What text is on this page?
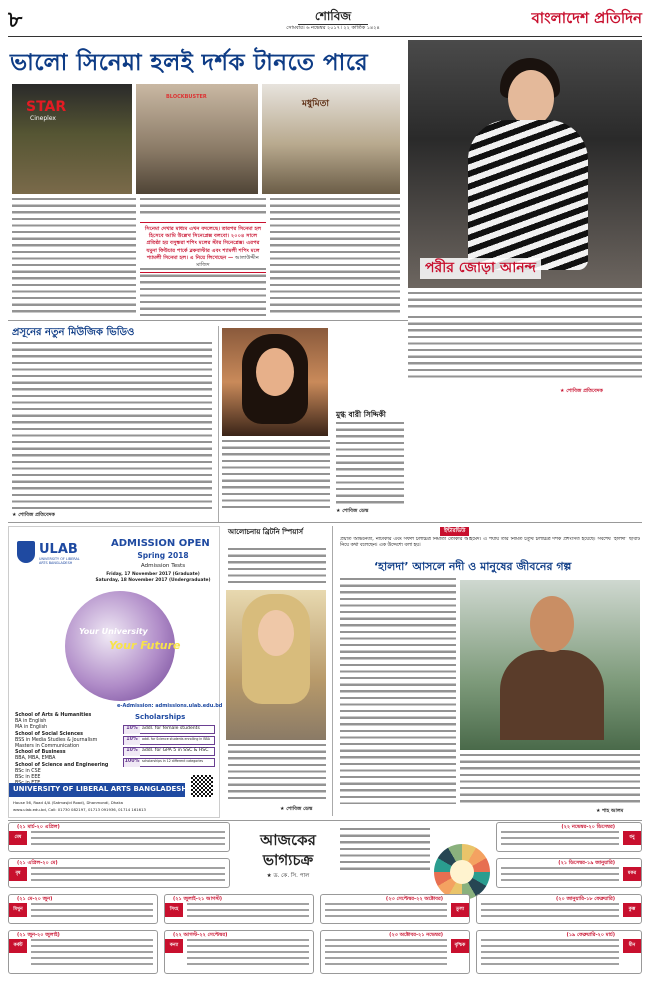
৮	শোবিজ
সোমবার। ৬ নভেম্বর ২০১৭। ২২ কার্তিক ১৪২৪
বাংলাদেশ প্রতিদিন
ভালো সিনেমা হলই দর্শক টানতে পারে
STAR
Cineplex
BLOCKBUSTER
মধুমিতা
সিনেমা দেখার মাধ্যম এখন বদলেছে। তারপর সিনেমা হল হিসেবে আমি উল্লেখ সিনেপ্লেক্স বলবো। ২০০৪ সালে প্রতিষ্ঠা হয় বসুন্ধরা শপিং মলের স্টার সিনেপ্লেক্স। এরপর যমুনা ফিউচার পার্কে ব্লকবাস্টার এবং শ্যামলী শপিং মলে শ্যামলী সিনেমা হল। এ নিয়ে লিখেছেন — আলাউদ্দীন মাজিদ	পরীর জোড়া আনন্দ
★ শোবিজ প্রতিবেদক
প্রসূনের নতুন মিউজিক ভিডিও
★ শোবিজ প্রতিবেদক
মুগ্ধ বারী সিদ্দিকী
★ শোবিজ ডেস্ক
ULAB
UNIVERSITY OF LIBERAL ARTS BANGLADESH
ADMISSION OPEN
Spring 2018
Admission Tests
Friday, 17 November 2017 (Graduate)
Saturday, 18 November 2017 (Undergraduate)
Your University
Your Future
e-Admission: admissions.ulab.edu.bd
School of Arts & Humanities
BA in English
MA in English
School of Social Sciences
BSS in Media Studies & Journalism
Masters in Communication
School of Business
BBA, MBA, EMBA
School of Science and Engineering
BSc in CSE
BSc in EEE
Scholarships
10% addl. for female students
10%	addl. for Science students enrolling in BBA
10% addl. for GPA 5 in SSC & HSC
100% scholarships in 12 different categories
UNIVERSITY OF LIBERAL ARTS BANGLADESH
House 56, Road 4/A (Satmasjid Road), Dhanmondi, Dhaka
www.ulab.edu.bd, Call: 01730 082197, 01713 091936, 01714 161613
আলোচনায় ব্রিটনি স্পিয়ার্স
★ শোবিজ ডেস্ক
ইন্টারভিউ
প্রয়াত অভিনেতা, নাট্যকার এবং সফল চলচ্চিত্র নির্মাতা তৌকীর আহমেদ। এ পর্যায় তার নির্মিত চতুর্থ চলচ্চিত্র দর্শক প্রশংসিত হয়েছে। সর্বশেষ ‘হালদা’ ছবিটি নিয়ে কথা বলেছেন। এক উদ্দেশ্যে বলা হয়।
‘হালদা’ আসলে নদী ও মানুষের জীবনের গল্প
★ শাহ আলম
আজকের
ভাগ্যচক্র
★ ড. কে. সি. পাল
(২১ মার্চ-২০ এপ্রিল)
মেষ
(২১ এপ্রিল-২০ মে)
বৃষ
(২১ মে-২০ জুন)
মিথুন
(২১ জুন-২০ জুলাই)
কর্কট
(২১ জুলাই-২১ আগস্ট)
সিংহ
(২২ আগস্ট-২২ সেপ্টেম্বর)
কন্যা
(২৩ সেপ্টেম্বর-২২ অক্টোবর)
তুলা
(২৩ অক্টোবর-২১ নভেম্বর)
বৃশ্চিক
(২২ নভেম্বর-২০ ডিসেম্বর)
ধনু
(২১ ডিসেম্বর-১৯ জানুয়ারি)
মকর
(২০ জানুয়ারি-১৮ ফেব্রুয়ারি)
কুম্ভ
(১৯ ফেব্রুয়ারি-২০ মার্চ)
মীন
